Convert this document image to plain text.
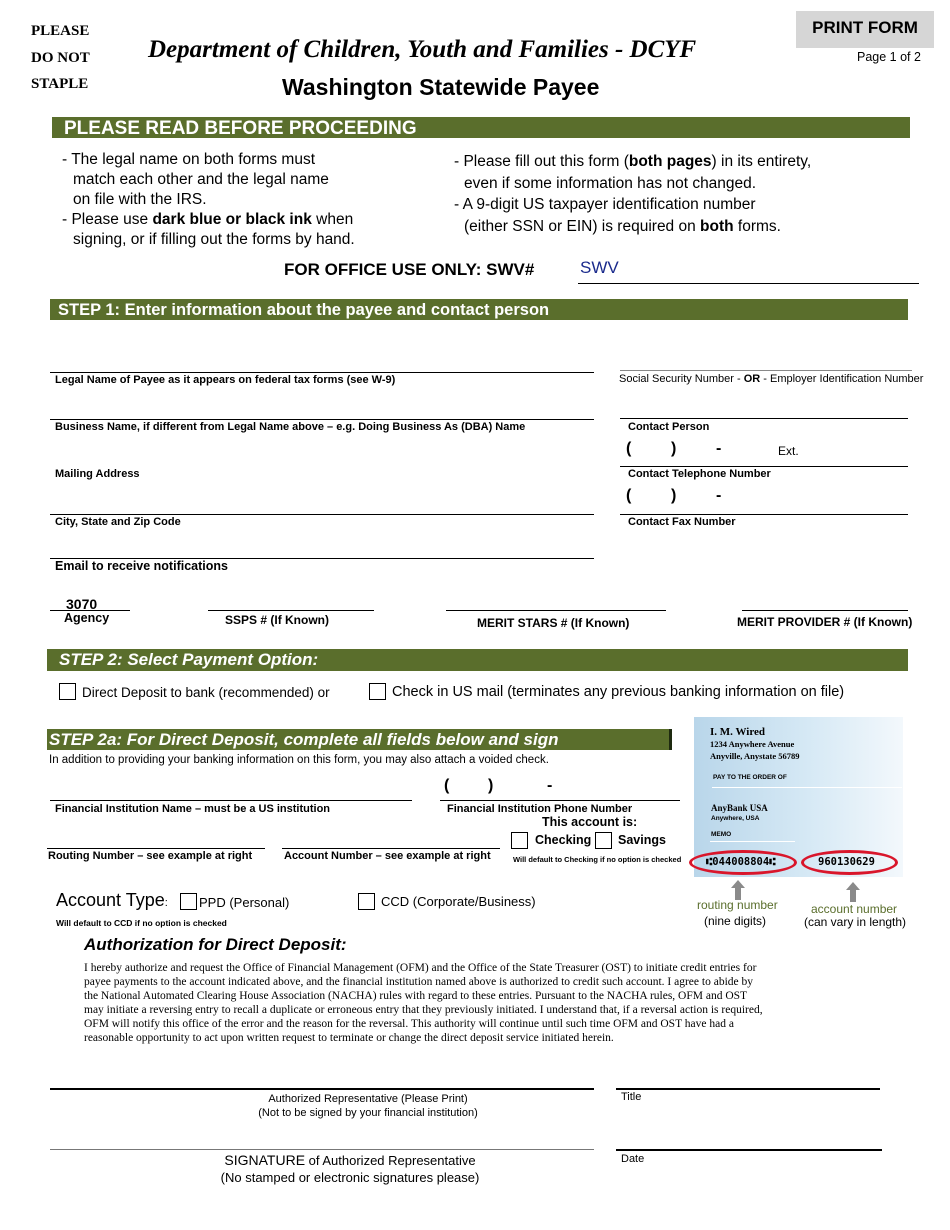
PLEASE
DO NOT
STAPLE
Department of Children, Youth and Families - DCYF
Washington Statewide Payee
PRINT FORM
Page 1 of 2
PLEASE READ BEFORE PROCEEDING

- The legal name on both forms must

match each other and the legal name

on file with the IRS.

- Please use dark blue or black ink when

signing, or if filling out the forms by hand.

- Please fill out this form (both pages) in its entirety,

even if some information has not changed.

- A 9-digit US taxpayer identification number

(either SSN or EIN) is required on both forms.

FOR OFFICE USE ONLY: SWV#	SWV
STEP 1: Enter information about the payee and contact person
Legal Name of Payee as it appears on federal tax forms (see W-9)	Social Security Number - OR - Employer Identification Number
Business Name, if different from Legal Name above – e.g. Doing Business As (DBA) Name	Contact Person
( ) -	Ext.
Mailing Address	Contact Telephone Number
( ) -
City, State and Zip Code	Contact Fax Number
Email to receive notifications
3070
Agency	SSPS # (If Known)	MERIT STARS # (If Known)	MERIT PROVIDER # (If Known)
STEP 2: Select Payment Option:
Direct Deposit to bank (recommended) or	Check in US mail (terminates any previous banking information on file)
STEP 2a: For Direct Deposit, complete all fields below and sign
In addition to providing your banking information on this form, you may also attach a voided check.
( )	-
Financial Institution Name – must be a US institution	Financial Institution Phone Number
This account is:
Checking Savings
Routing Number – see example at right	Account Number – see example at right	Will default to Checking if no option is checked
Account Type: PPD (Personal)	CCD (Corporate/Business)
Will default to CCD if no option is checked
I. M. Wired
1234 Anywhere Avenue
Anyville, Anystate 56789
PAY TO THE ORDER OF
AnyBank USA
Anywhere, USA
MEMO
⑆044008804⑆	960130629
routing number
(nine digits)
account number
(can vary in length)
Authorization for Direct Deposit:
I hereby authorize and request the Office of Financial Management (OFM) and the Office of the State Treasurer (OST) to initiate credit entries for
payee payments to the account indicated above, and the financial institution named above is authorized to credit such account. I agree to abide by
the National Automated Clearing House Association (NACHA) rules with regard to these entries. Pursuant to the NACHA rules, OFM and OST
may initiate a reversing entry to recall a duplicate or erroneous entry that they previously initiated. I understand that, if a reversal action is required,
OFM will notify this office of the error and the reason for the reversal. This authority will continue until such time OFM and OST have had a
reasonable opportunity to act upon written request to terminate or change the direct deposit service initiated herein.
Authorized Representative (Please Print)
(Not to be signed by your financial institution)
Title
SIGNATURE of Authorized Representative
(No stamped or electronic signatures please)
Date
